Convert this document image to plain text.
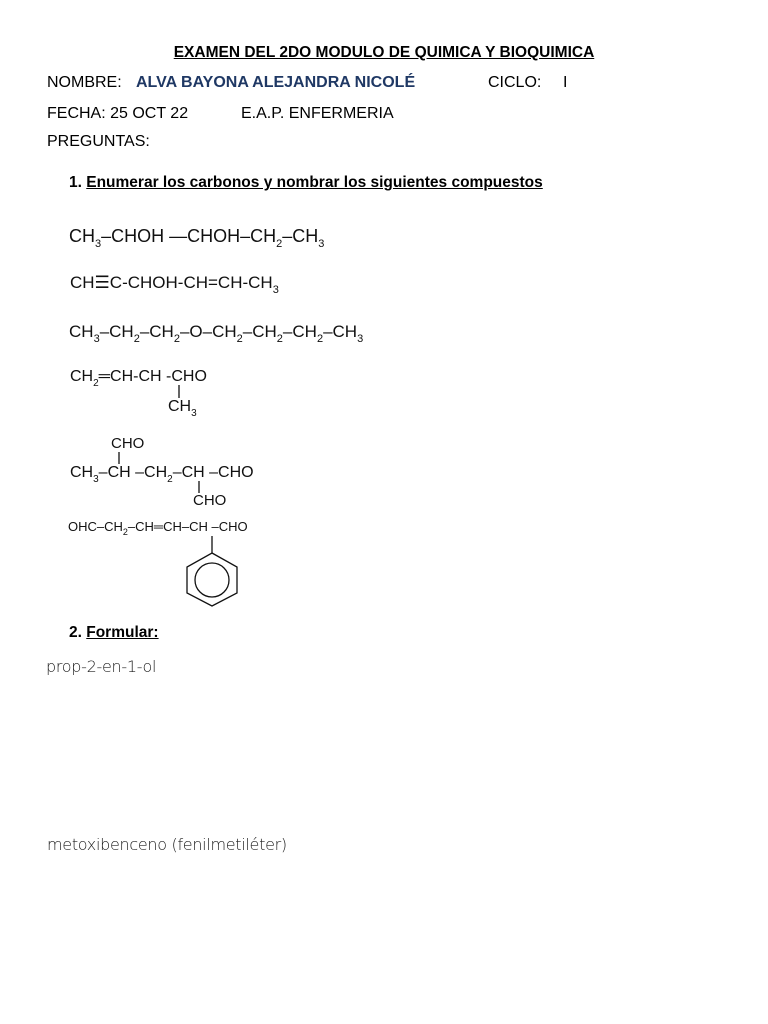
EXAMEN DEL 2DO MODULO DE QUIMICA Y BIOQUIMICA
NOMBRE: ALVA BAYONA ALEJANDRA NICOLÉ	CICLO: I
FECHA: 25 OCT 22	E.A.P. ENFERMERIA
PREGUNTAS:
1. Enumerar los carbonos y nombrar los siguientes compuestos
$CH_3$–CHOH $—CHOH-CH_2-CH_3$
$CH☰C-CHOH-CH=CH-CH_3$
$CH_3-CH_2-CH_2-O-CH_2-CH_2-CH_2-CH_3$
$CH_2═CH-CH$ -CHO
$CH_3$
CHO
$CH_3-CH$ $-CH_2-CH$ –CHO
CHO
OHC–$CH_2-CH═CH-CH$ –CHO
2. Formular:
prop-2-en-1-ol
metoxibenceno (fenilmetiléter)
